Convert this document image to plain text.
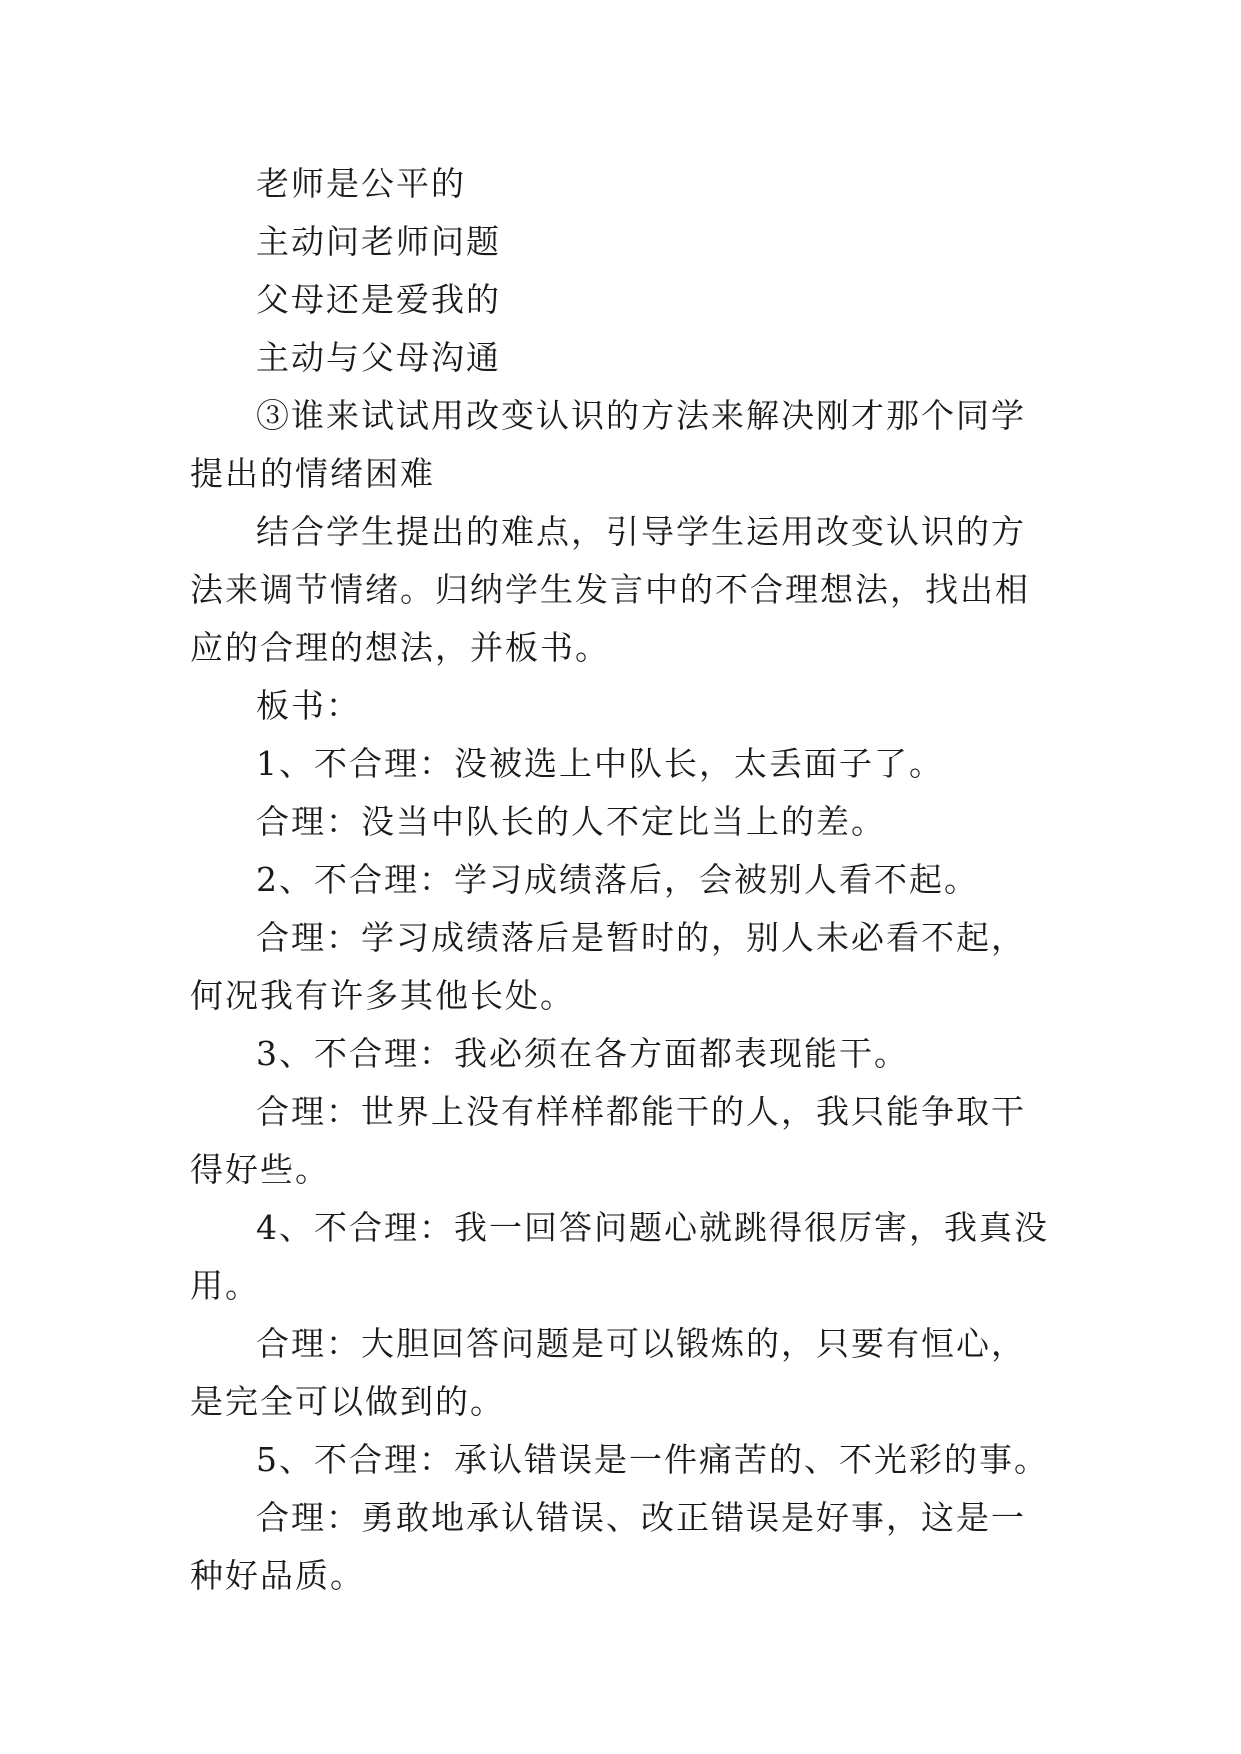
老师是公平的

主动问老师问题

父母还是爱我的

主动与父母沟通

③谁来试试用改变认识的方法来解决刚才那个同学提出的情绪困难

结合学生提出的难点，引导学生运用改变认识的方法来调节情绪。归纳学生发言中的不合理想法，找出相应的合理的想法，并板书。

板书：

1、不合理：没被选上中队长，太丢面子了。

合理：没当中队长的人不定比当上的差。

2、不合理：学习成绩落后，会被别人看不起。

合理：学习成绩落后是暂时的，别人未必看不起，何况我有许多其他长处。

3、不合理：我必须在各方面都表现能干。

合理：世界上没有样样都能干的人，我只能争取干得好些。

4、不合理：我一回答问题心就跳得很厉害，我真没用。

合理：大胆回答问题是可以锻炼的，只要有恒心，是完全可以做到的。

5、不合理：承认错误是一件痛苦的、不光彩的事。

合理：勇敢地承认错误、改正错误是好事，这是一种好品质。
